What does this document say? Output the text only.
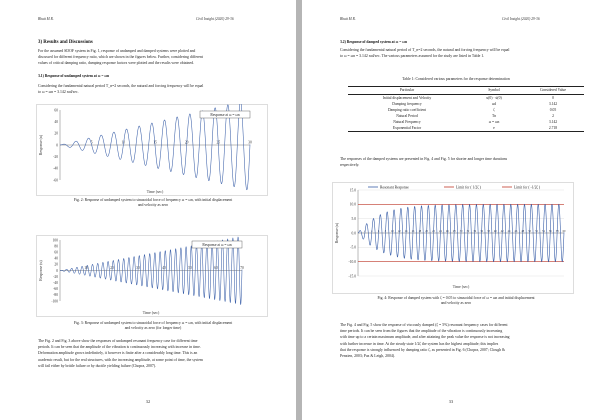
Bhatt M.R.	Civil Insight (2020) 29-36
3) Results and Discussions
For the assumed SDOF system in Fig. 1, response of undamped and damped systems were plotted and
discussed for different frequency ratio, which are shown in the figures below. Further, considering different
values of critical damping ratio, damping response factors were plotted and the results were obtained.
3.1) Response of undamped system at ω = ωn
Considering the fundamental natural period T_n=2 seconds, the natural and forcing frequency will be equal
to ω = ωn = 3.142 rad/sec.
-60
-40
-20
0
20
40
60
5	10	15	20	25	30
Time (sec)
Response (u)
Response at ω = ωn
Fig. 2: Response of undamped system to sinusoidal force of frequency ω = ωn, with initial displacement
and velocity as zero
-100
-80
-60
-40
-20
0
20
40
60
80
100
10	20	30	40	50	60	70
Time (sec)
Response (u)
Response at ω = ωn
Fig. 3: Response of undamped system to sinusoidal force of frequency ω = ωn, with initial displacement
and velocity as zero (for longer time)
The Fig. 2 and Fig. 3 above show the responses of undamped resonant frequency case for different time
periods. It can be seen that the amplitude of the vibration is continuously increasing with increase in time.
Deformation amplitude grows indefinitely, it however is finite after a considerably long time. This is an
academic result, but for the real structures, with the increasing amplitude, at some point of time, the system
will fail either by brittle failure or by ductile yielding failure (Chopra, 2007).
32
Bhatt M.R.	Civil Insight (2020) 29-36
3.2) Response of damped system at ω = ωn
Considering the fundamental natural period of T_n=2 seconds, the natural and forcing frequency will be equal
to ω = ωn = 3.142 rad/sec. The various parameters assumed for the study are listed in Table 1.
Table 1: Considered various parameters for the response determination
Particular	Symbol	Considered Value
Initial displacement and Velocity	u(0) · u̇(0)	0
Damping frequency	ωd	3.142
Damping ratio coefficient	ζ	0.05
Natural Period	Tn	2
Natural Frequency	ω = ωn	3.142
Exponential Factor	e	2.718
The responses of the damped systems are presented in Fig. 4 and Fig. 5 for shorter and longer time durations
respectively.
-15.0
-10.0
-5.0
0.0
5.0
10.0
15.0
2 4 6 8 10 12 14 16 18 20 22 24 26 28 30 32 34 36 38 40 42 44 46 48 50 52 54 56 58 60
Resonant Response	Limit for ( 1/2ζ )	Limit for ( -1/2ζ )
Time (sec)
Response (u)
Fig. 4: Response of damped system with ζ = 0.05 to sinusoidal force of ω = ωn and initial displacement
and velocity as zero
The Fig. 4 and Fig. 5 show the response of viscously damped (ζ = 5%) resonant frequency cases for different
time periods. It can be seen from the figures that the amplitude of the vibration is continuously increasing
with time up to a certain maximum amplitude, and after attaining the peak value the response is not increasing
with further increase in time. At the steady state 1/2ζ the system has the highest amplitude; this implies
that the response is strongly influenced by damping ratio ζ, as presented in Fig. 6 (Chopra, 2007; Clough &
Penzien, 2003; Paz & Leigh, 2004).
33
